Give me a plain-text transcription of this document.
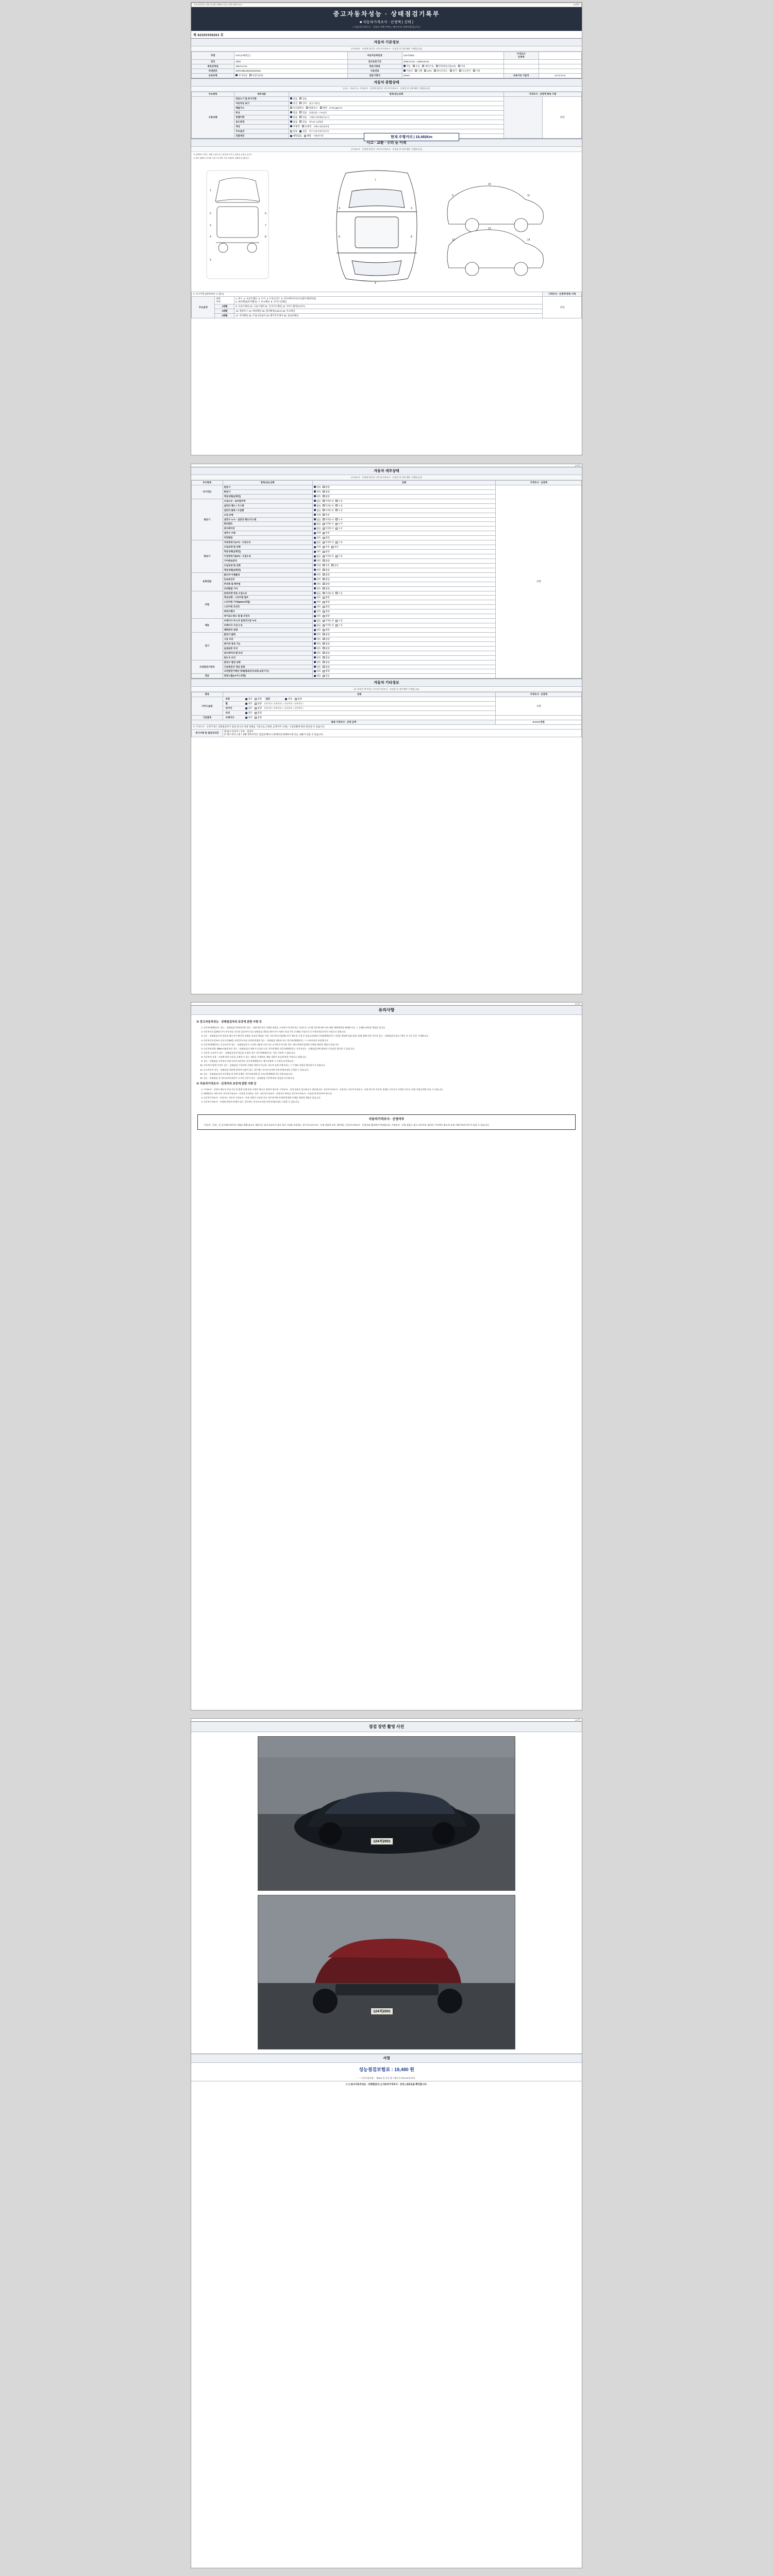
자동차관리법 시행규칙 [별지 제82호서식] <개정 2025.1.10.>	(1/4쪽)
중고자동차성능 · 상태점검기록부
■ 자동차가격조사 · 산정액 ( 선택 )
[ 자동차가격조사 · 산정의 선택 여부는 매수인의 선택사항입니다 ]
제 82200356263 호
자동차 기본정보
(가격조사 · 산정액 항목은 자동차가격조사 · 산정을 한 경우에만 기재합니다)
차명	G70 (4세대급 )	자동차등록번호	124저2001	가격조사
산정액	
연식	2025	검사유효기간	2026-11-01 ~ 2028-10-01		
최초등록일	2024-11-01	변속기종류	자동 수동 세미오토 무단변속기(CVT) 기타		
차대번호	KMTA4B1SD2G3210164	사용연료	가솔린 디젤 LPG 하이브리드 전기 수소전기 기타		
보증유형	자가보증 보험사보증	원동기형식	G4KH	사용거리 기준치	0 0 0 0 0 0
자동차 종합상태
(사고 · 주유중고, 가격조사 · 산정액 항목은 자동차가격조사 · 산정을 한 경우에만 기재합니다)
주요항목	세부내용	항목/성능상태	가격조사 · 산정액 항목 기재	
사용상태	연료누기 및 특기사항	없음 있음		선택
	자동차등 표기	동일 상이 (원동기형식)		
	배출가스	일산화탄소 탄화수소 매연 0.7% ppm %		
	튜닝	없음 있음 불법|적법 / 구조|장치		
	특별이력	없음 있음 수해침수|화재|전손|도난		
	용도변경	없음 있음 렌트|리스|영업용		
	색상	무채색 유채색 전체도색|색상변경		
	주요옵션	없음 있음 썬루프|내비게이션|기타		
	리콜대상	해당없음 해당 이행|미이행			현재 주행거리 | 19,492Km
사고 · 교환 · 수리 등 이력
(가격조사 · 산정액 항목은 자동차가격조사 · 산정을 한 경우에만 기재합니다)
※ (상태표시 부호) : 교환 X, 판금 또는 용접 W, 부식 C, 흠집 A, 요철 U, 손상 T
※ 하단 상태표시 부호를 기준으로 하여, 기록 부위마다 상태를 표시합니다
1
2
3
4
5
6
7
8
7
3	3
8	8
4
9
10
11
12
13
14
※ 사고이력 (외부/內부 소 팔요)			가격조사 · 산정액 항목 기재
주요골격	외판
부위	1. 후드 2. 프론트휀더 3. 도어 4. 트렁크리드 5. 라디에이터서포트(볼트체결부품)
6. 쿼터패널(리어휀더) 7. 루프패널 8. 사이드실패널	선택
	1레벨	9. 프론트패널 10. 크로스멤버 11. 인사이드패널 12. 사이드멤버(프론트)	
	2레벨	13. 휠하우스 14. 대쉬패널 15. 필러패널(A,B,C) 16. 루프레일	
	3레벨	17. 리어패널 18. 트렁크플로어 19. 패키지트레이 20. 플로어패널	
(2/4쪽)
자동차 세부상태
(가격조사 · 산정액 항목은 자동차가격조사 · 산정을 한 경우에만 기재합니다)
주요항목	항목/성능상태	상태	가격조사 · 산정액
자기진단	원동기	양호 불량	선택
	변속기	양호 불량	
	작동상태(공회전)	양호 불량	
원동기	오일누유 - 로커암커버	없음 미세누유 누유	
	실린더 헤드 / 가스켓	없음 미세누유 누유	
	실린더 블록 / 오일팬	없음 미세누유 누유	
	오일 유량	적정 부족	
	냉각수 누수 - 실린더 헤드/가스켓	없음 미세누수 누수	
	워터펌프	없음 미세누수 누수	
	라디에이터	없음 미세누수 누수	
	냉각수 수량	적정 부족	
	커먼레일	양호 불량	
변속기	자동변속기(A/T) - 오일누유	없음 미세누유 누유	
	오일유량 및 상태	적정 부족 과다	
	작동상태(공회전)	양호 불량	
	수동변속기(M/T) - 오일누유	없음 미세누유 누유	
	기어변속장치	양호 불량	
	오일유량 및 상태	적정 부족 과다	
	작동상태(공회전)	양호 불량	
동력전달	클러치 어셈블리	양호 불량	
	등속죠인트	양호 불량	
	추진축 및 베어링	양호 불량	
	디퍼렌셜 기어	양호 불량	
조향	동력조향 작동 오일누유	없음 미세누유 누유	
	작동상태 - 스티어링 펌프	양호 불량	
	스티어링 기어(MDPS포함)	양호 불량	
	스티어링 조인트	양호 불량	
	파워크랭크	양호 불량	
	타이로드엔드 및 볼 조인트	양호 불량	
제동	브레이크 마스터 실린더오일 누유	없음 미세누유 누유	
	브레이크 오일 누유	없음 미세누유 누유	
	배력장치 상태	양호 불량	
전기	발전기 출력	양호 불량	
	시동 모터	양호 불량	
	와이퍼 정상 기능	양호 불량	
	실내송풍 모터	양호 불량	
	라디에이터 팬 모터	양호 불량	
	윈도우 모터	양호 불량	
고전원전기장치	충전구 절연 상태	양호 불량	
	구동축전지 격리 상태	양호 불량	
	고전원전기배선 상태(접속단자,피복,보호기구)	양호 불량	
연료	연료누출(LP가스포함)	없음 있음	
자동차 기타정보
(※ 항목은 추가되는 자동차가격조사 · 산정을 한 경우에만 기재합니다)
항목	상태	가격조사 · 산정액
사이드슬립	외장 양호 불량 내장 양호 불량	선택
	휠 양호 불량 운전석전 □ 동반석전 □ / 운전석후 □ 동반석후 □	
	타이어 양호 불량 운전석전 □ 동반석전 □ / 운전석후 □ 동반석후 □	
	유리 양호 불량	
기본품목	브레이크 양호 불량	
최종 가격조사 · 산정 금액		0 0 0 0 만원
※ 가격조사 · 산정가격은 상태점검자가 점검 당시의 차량 상태를 기준으로 산정한 금액이며 시세는 시장상황에 따라 변동될 수 있습니다.		
특기사항 및 점검자의견	점검(조사)일자 / 상호 · 점검자
본 매도자의 요청 / 상황 정비이력은 점검과 확인시 판매자의 판매하시면 되는 내용이 있을 수 있습니다.	
(3/4쪽)
유의사항
※ 중고자동차성능 · 상태점검자의 보증에 관한 사항 등
1. 자동차매매업자는 성능 · 상태점검기록부(이하 "성능 · 상태 체크")의 기재된 내용을 고지하지 아니하거나 거짓으로 고지할 경우에 매수인은 해당 매매계약을 해제하거나, 그 손해를 배상할 책임을 집니다.
2. 자동차인도일(매도인이 자동차를 인도한 날)로부터 성능상태점검 내용을 매수인이 이용의 보증기간 중 30일 이상으로 동시에 2천킬로미터 이상으로 정합니다.
3. 성능 · 상태점검자의 내용과 매수인이 확인한 상태를 비교할 책임을 지며, 자동차인도일(매도인이 매도일 구입 등 있습니다)에서 산정(매매업자가 기입한 책임에 물품 환불 등)에 대해 의한 자동차 성능 · 상태점검의 취소 / 확인 전 기준 등은 기재합니다.
4. 자동차인도일부터 보증기간(30일, 2천킬로미터) 이전에 발생한 성능 · 상태점검 내용과 다른 경우에 매매업자는 그 수리비용을 부담합니다.
5. 자동차매매업자는 중고자동차 성능 · 상태점검자가 고지한 내용과 다르거나 고지하지 아니한 경우, 매수인에게 발생한 손해를 배상할 책임이 있습니다.
6. 자동차관리법 제58조의4에 따른 성능 · 상태점검의 내용이 사실과 다른 경우에 해당 자동차매매업자는 자동차성능 · 상태점검자에 대하여 구상권을 행사할 수 있습니다.
7. 자동차 소유자가 성능 · 상태점검자의 발급을 요청할 경우 자동차매매업자는 이를 거부할 수 없습니다.
8. 자동차의 사용 · 수리에 관한 사실을 증명할 수 있는 내용을 기재하며, 해당 내용은 보증에 관한 사항으로 정합니다.
9. 성능 · 상태점검 기록부의 보관기간은 2년이며, 자동차매매업자는 매수인에게 그 사본을 교부합니다.
10. 자동차의 판매 가격은 성능 · 상태점검 기록부에 기재된 내용이 아니며, 자동차 실제 주행거리는 그 기재된 내용을 확인하시기 바랍니다.
11. 중고자동차 성능 · 상태점검 내용에 관하여 다툼이 있는 경우에는 한국소비자원 등에 분쟁조정을 신청할 수 있습니다.
12. 성능 · 상태점검자의 보증책임 및 관련 분쟁은 자동차관리법 및 소비자분쟁해결기준 등에 따릅니다.
13. 성능 · 상태점검 전 국토교통부장관이 고시한 자동차 성능 · 상태점검 기준에 따라 점검을 실시합니다.
※ 자동차가격조사 · 산정자의 보증에 관한 사항 등
1. 가격조사 · 산정이 매도인 보증기간 및 범위 등에 관한 사항은 별도로 정하지 않으며, 가격조사 · 산정 내용은 참고용으로 제공됩니다. 자동차가격조사 · 산정자는 자동차가격조사 · 산정 당시의 자동차 상태를 기준으로 산정한 것으로 실제 거래 금액과 다를 수 있습니다.
2. 매매업자는 매수인이 자동차가격조사 · 산정을 요청하는 경우, 자동차가격조사 · 산정자로 하여금 자동차가격조사 · 산정을 하게 하여야 합니다.
3. 자동차가격조사 · 산정자는 자동차 가격조사 · 산정 내용이 사실과 다른 경우에 매수인에게 발생한 손해를 배상할 책임이 있습니다.
4. 자동차가격조사 · 산정에 관하여 분쟁이 있는 경우에는 한국소비자원 등에 분쟁조정을 신청할 수 있습니다.
자동차가격조사 · 산정여부
「자동차 · 산정」은 실거래가격이며 거래를 위해 참고로 제공되는 참고자료로서 검사 검사 가격을 보증하는 것이 아니며 조사 · 산정 내용과 다른 경우에는 자동차가격조사 · 산정자와 협의하여 처리합니다. 가격조사 · 산정 결과는 참고 자료이며, 법적인 구속력은 없으며 실제 거래가격과 차이가 있을 수 있습니다.
(4/4쪽)
점검 장면 촬영 사진
124저2001
124저2001
서명
성능점검보험료 : 18,480 원
* 「자동차관리법」 제58조 및 같은 법 시행규칙 제120조에 따라
[ Y ] 중고자동차성능 · 상태점검서 [ ] 자동차가격조사 · 산정 ) 내용임을 확인합니다.
